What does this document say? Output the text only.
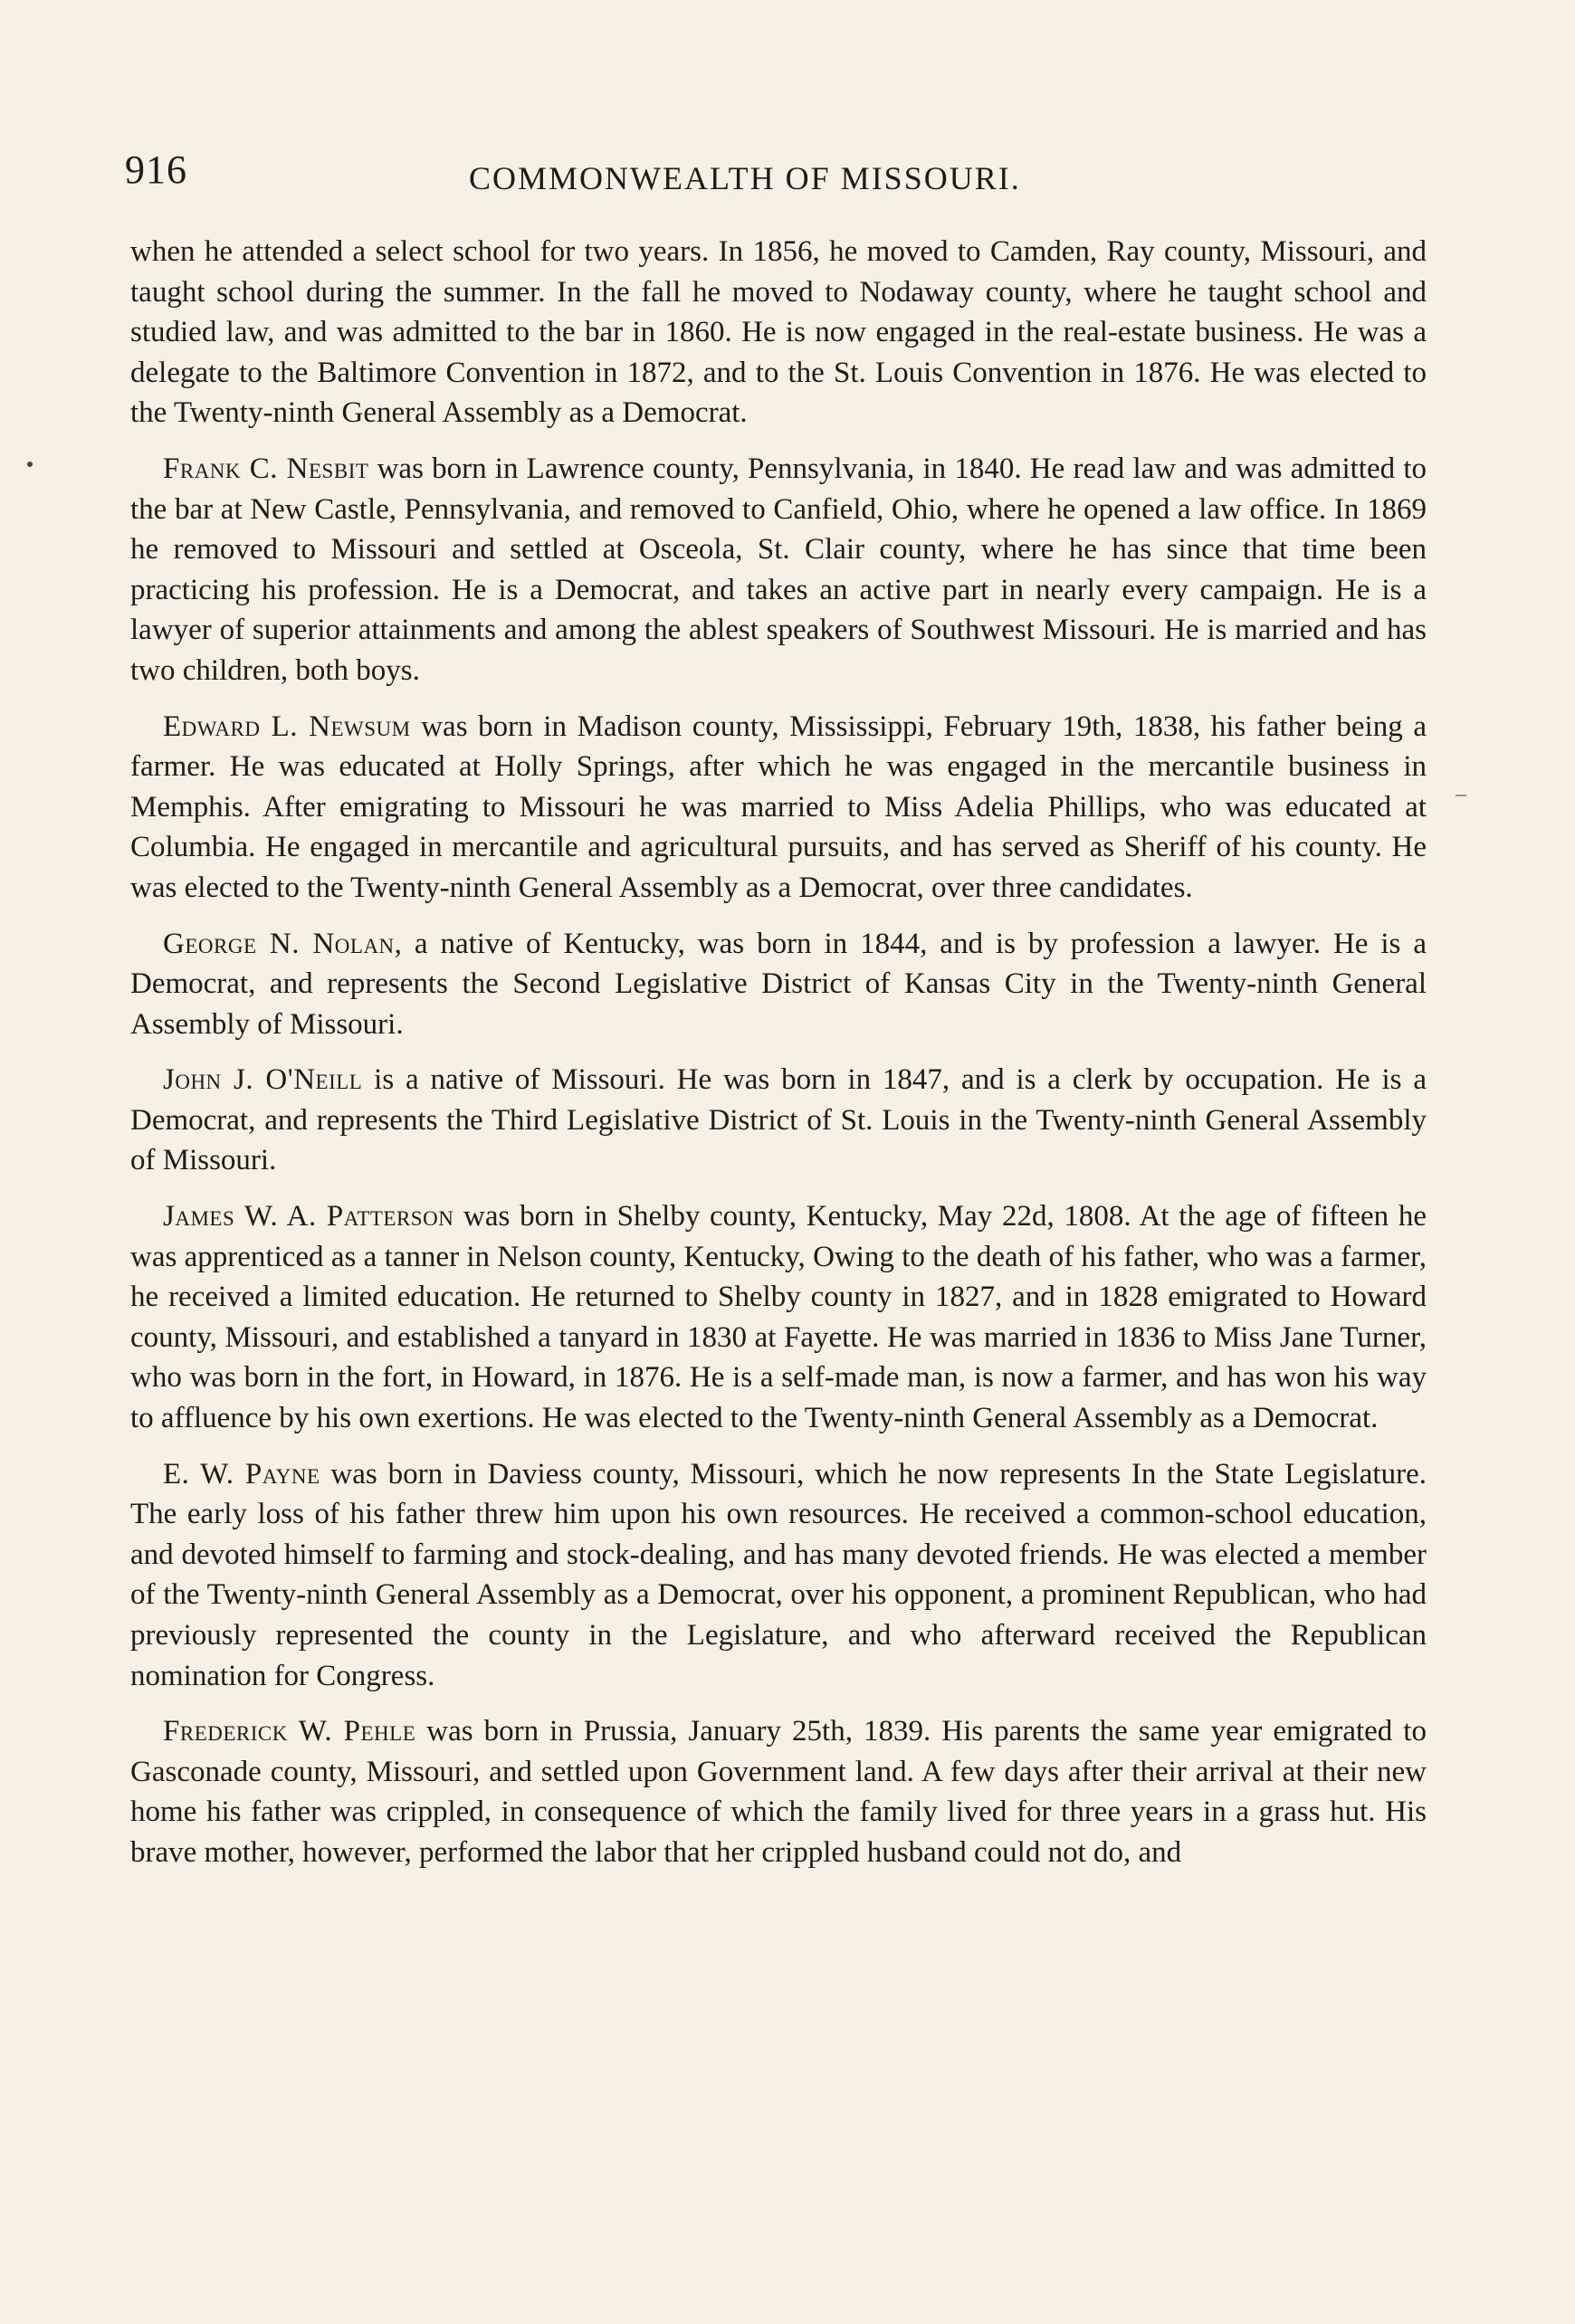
916	COMMONWEALTH OF MISSOURI.

when he attended a select school for two years. In 1856, he moved to Camden, Ray county, Missouri, and taught school during the summer. In the fall he moved to Nodaway county, where he taught school and studied law, and was admitted to the bar in 1860. He is now engaged in the real-estate business. He was a delegate to the Baltimore Convention in 1872, and to the St. Louis Convention in 1876. He was elected to the Twenty-ninth General Assembly as a Democrat.

Frank C. Nesbit was born in Lawrence county, Pennsylvania, in 1840. He read law and was admitted to the bar at New Castle, Pennsylvania, and removed to Canfield, Ohio, where he opened a law office. In 1869 he removed to Missouri and settled at Osceola, St. Clair county, where he has since that time been practicing his profession. He is a Democrat, and takes an active part in nearly every campaign. He is a lawyer of superior attainments and among the ablest speakers of Southwest Missouri. He is married and has two children, both boys.

Edward L. Newsum was born in Madison county, Mississippi, February 19th, 1838, his father being a farmer. He was educated at Holly Springs, after which he was engaged in the mercantile business in Memphis. After emigrating to Missouri he was married to Miss Adelia Phillips, who was educated at Columbia. He engaged in mercantile and agricultural pursuits, and has served as Sheriff of his county. He was elected to the Twenty-ninth General Assembly as a Democrat, over three candidates.

George N. Nolan, a native of Kentucky, was born in 1844, and is by profession a lawyer. He is a Democrat, and represents the Second Legislative District of Kansas City in the Twenty-ninth General Assembly of Missouri.

John J. O'Neill is a native of Missouri. He was born in 1847, and is a clerk by occupation. He is a Democrat, and represents the Third Legislative District of St. Louis in the Twenty-ninth General Assembly of Missouri.

James W. A. Patterson was born in Shelby county, Kentucky, May 22d, 1808. At the age of fifteen he was apprenticed as a tanner in Nelson county, Kentucky, Owing to the death of his father, who was a farmer, he received a limited education. He returned to Shelby county in 1827, and in 1828 emigrated to Howard county, Missouri, and established a tanyard in 1830 at Fayette. He was married in 1836 to Miss Jane Turner, who was born in the fort, in Howard, in 1876. He is a self-made man, is now a farmer, and has won his way to affluence by his own exertions. He was elected to the Twenty-ninth General Assembly as a Democrat.

E. W. Payne was born in Daviess county, Missouri, which he now represents In the State Legislature. The early loss of his father threw him upon his own resources. He received a common-school education, and devoted himself to farming and stock-dealing, and has many devoted friends. He was elected a member of the Twenty-ninth General Assembly as a Democrat, over his opponent, a prominent Republican, who had previously represented the county in the Legislature, and who afterward received the Republican nomination for Congress.

Frederick W. Pehle was born in Prussia, January 25th, 1839. His parents the same year emigrated to Gasconade county, Missouri, and settled upon Government land. A few days after their arrival at their new home his father was crippled, in consequence of which the family lived for three years in a grass hut. His brave mother, however, performed the labor that her crippled husband could not do, and
